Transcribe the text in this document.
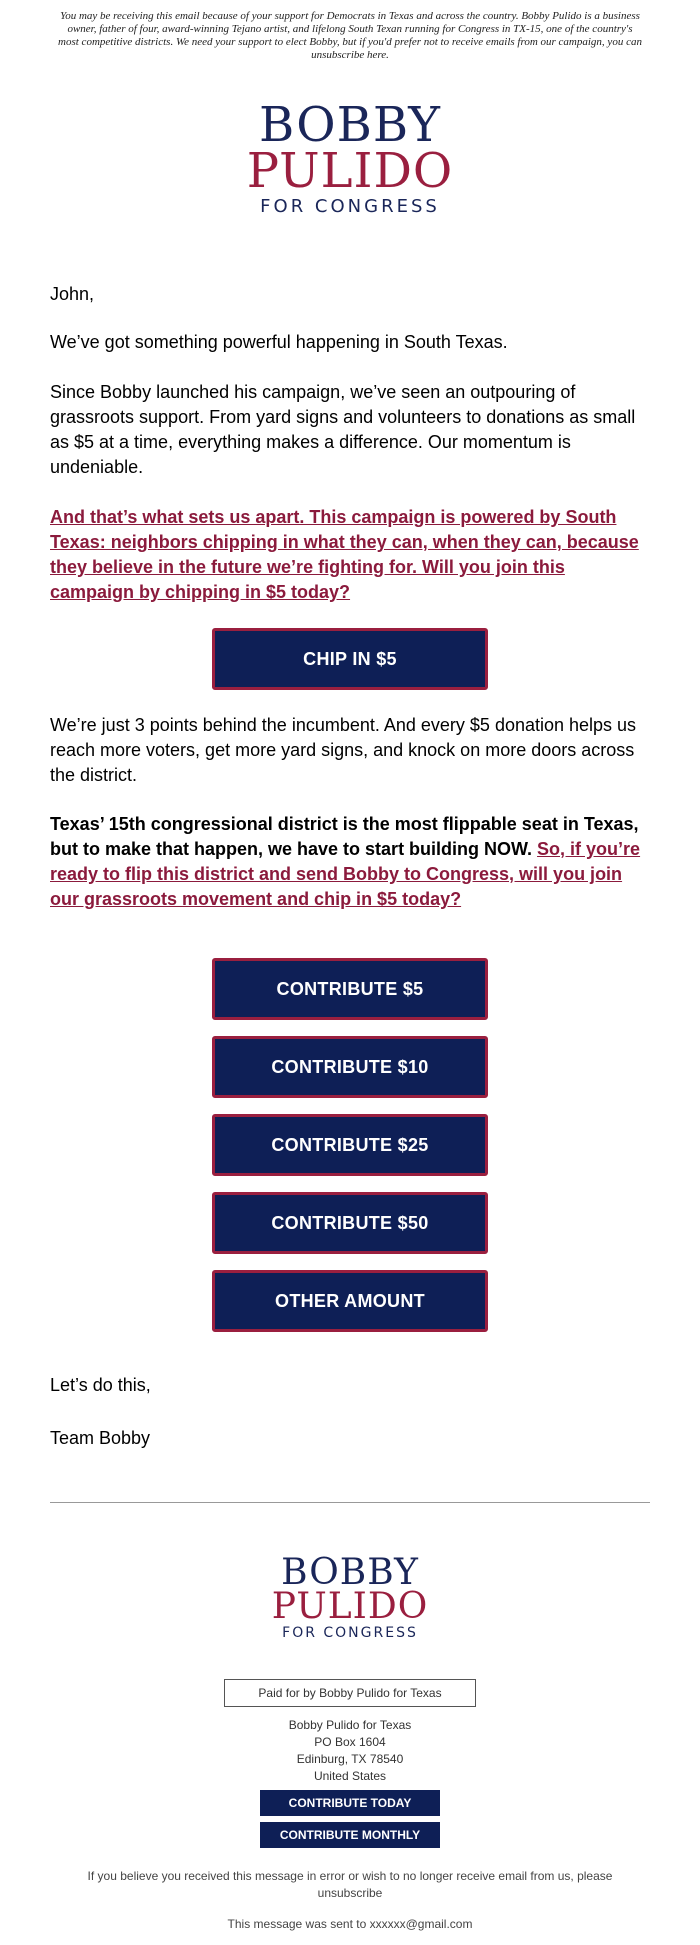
You may be receiving this email because of your support for Democrats in Texas and across the country. Bobby Pulido is a business owner, father of four, award-winning Tejano artist, and lifelong South Texan running for Congress in TX-15, one of the country's most competitive districts. We need your support to elect Bobby, but if you'd prefer not to receive emails from our campaign, you can unsubscribe here.
BOBBY
PULIDO
FOR CONGRESS

John,

We’ve got something powerful happening in South Texas.

Since Bobby launched his campaign, we’ve seen an outpouring of grassroots support. From yard signs and volunteers to donations as small as $5 at a time, everything makes a difference. Our momentum is undeniable.

And that’s what sets us apart. This campaign is powered by South Texas: neighbors chipping in what they can, when they can, because they believe in the future we’re fighting for. Will you join this campaign by chipping in $5 today?

We’re just 3 points behind the incumbent. And every $5 donation helps us reach more voters, get more yard signs, and knock on more doors across the district.

Texas’ 15th congressional district is the most flippable seat in Texas, but to make that happen, we have to start building NOW. So, if you’re ready to flip this district and send Bobby to Congress, will you join our grassroots movement and chip in $5 today?

CHIP IN $5
CONTRIBUTE $5
CONTRIBUTE $10
CONTRIBUTE $25
CONTRIBUTE $50
OTHER AMOUNT

Let’s do this,

Team Bobby

BOBBY
PULIDO
FOR CONGRESS
Paid for by Bobby Pulido for Texas
Bobby Pulido for Texas
PO Box 1604
Edinburg, TX 78540
United States
CONTRIBUTE TODAY
CONTRIBUTE MONTHLY
If you believe you received this message in error or wish to no longer receive email from us, please unsubscribe
This message was sent to xxxxxx@gmail.com
